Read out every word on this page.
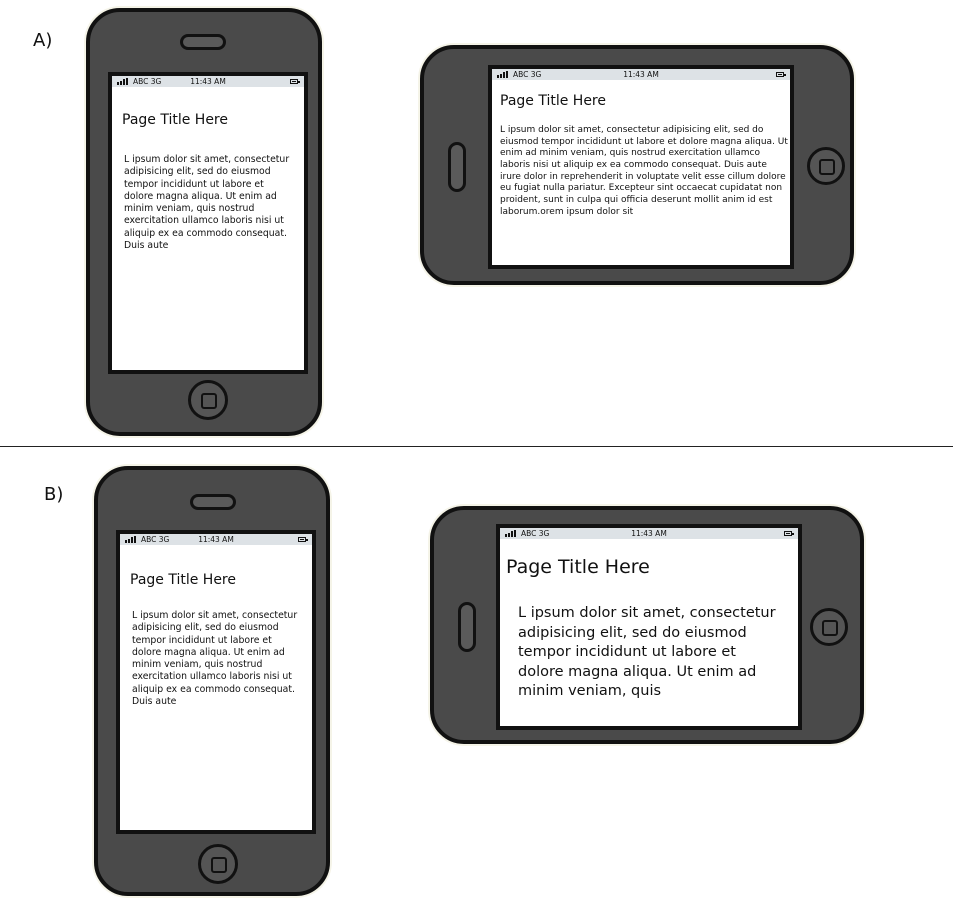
A)
ABC 3G	11:43 AM
Page Title Here
L ipsum dolor sit amet, consectetur adipisicing elit, sed do eiusmod tempor incididunt ut labore et dolore magna aliqua. Ut enim ad minim veniam, quis nostrud exercitation ullamco laboris nisi ut aliquip ex ea commodo consequat. Duis aute
ABC 3G	11:43 AM
Page Title Here
L ipsum dolor sit amet, consectetur adipisicing elit, sed do eiusmod tempor incididunt ut labore et dolore magna aliqua. Ut enim ad minim veniam, quis nostrud exercitation ullamco laboris nisi ut aliquip ex ea commodo consequat. Duis aute irure dolor in reprehenderit in voluptate velit esse cillum dolore eu fugiat nulla pariatur. Excepteur sint occaecat cupidatat non proident, sunt in culpa qui officia deserunt mollit anim id est laborum.orem ipsum dolor sit
B)
ABC 3G	11:43 AM
Page Title Here
L ipsum dolor sit amet, consectetur adipisicing elit, sed do eiusmod tempor incididunt ut labore et dolore magna aliqua. Ut enim ad minim veniam, quis nostrud exercitation ullamco laboris nisi ut aliquip ex ea commodo consequat. Duis aute
ABC 3G	11:43 AM
Page Title Here
L ipsum dolor sit amet, consectetur adipisicing elit, sed do eiusmod tempor incididunt ut labore et dolore magna aliqua. Ut enim ad minim veniam, quis
